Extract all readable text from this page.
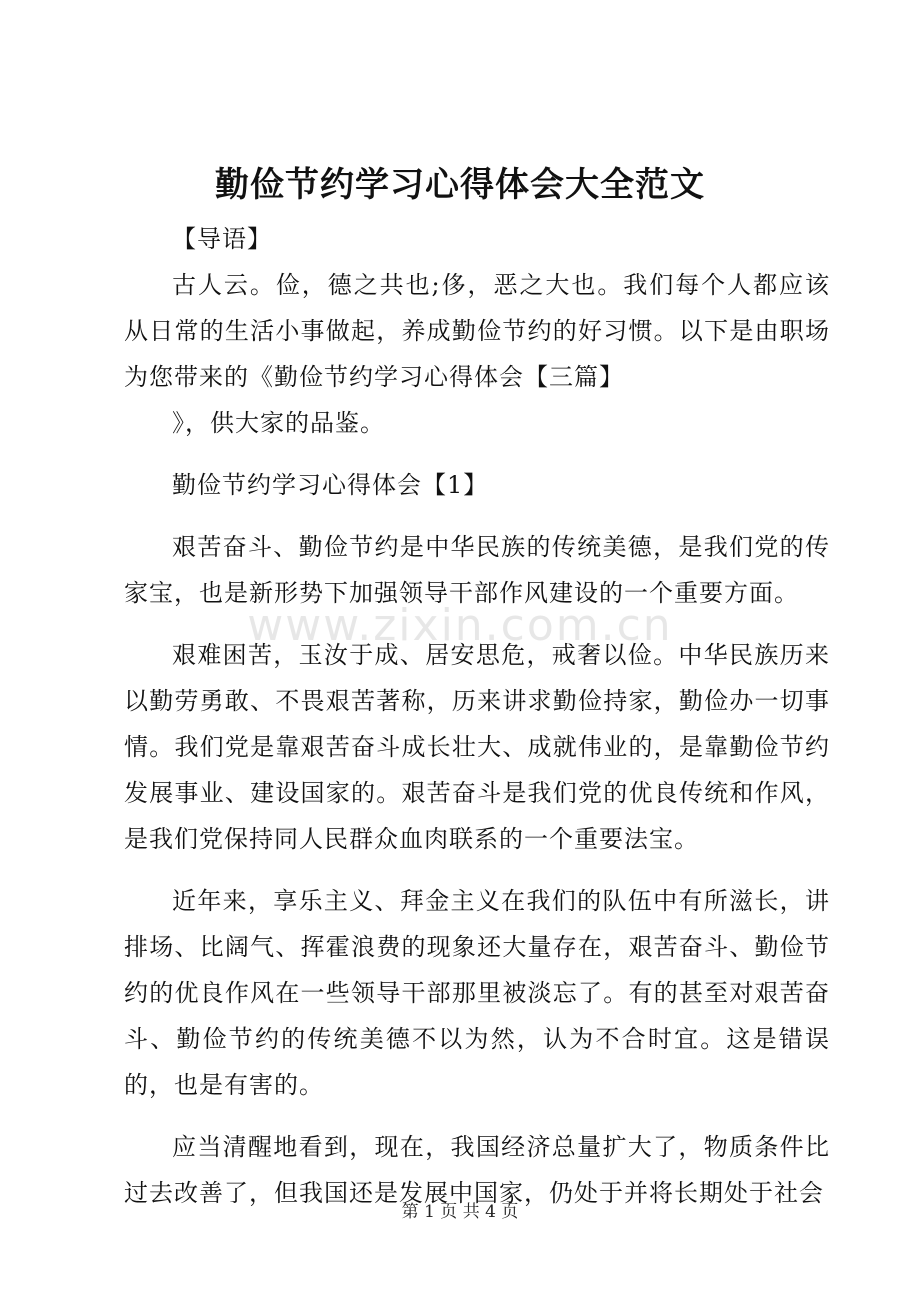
勤俭节约学习心得体会大全范文

【导语】

古人云。俭，德之共也;侈，恶之大也。我们每个人都应该从日常的生活小事做起，养成勤俭节约的好习惯。以下是由职场为您带来的《勤俭节约学习心得体会【三篇】

》，供大家的品鉴。

勤俭节约学习心得体会【1】

艰苦奋斗、勤俭节约是中华民族的传统美德，是我们党的传家宝，也是新形势下加强领导干部作风建设的一个重要方面。

艰难困苦，玉汝于成、居安思危，戒奢以俭。中华民族历来以勤劳勇敢、不畏艰苦著称，历来讲求勤俭持家，勤俭办一切事情。我们党是靠艰苦奋斗成长壮大、成就伟业的，是靠勤俭节约发展事业、建设国家的。艰苦奋斗是我们党的优良传统和作风，是我们党保持同人民群众血肉联系的一个重要法宝。

近年来，享乐主义、拜金主义在我们的队伍中有所滋长，讲排场、比阔气、挥霍浪费的现象还大量存在，艰苦奋斗、勤俭节约的优良作风在一些领导干部那里被淡忘了。有的甚至对艰苦奋斗、勤俭节约的传统美德不以为然，认为不合时宜。这是错误的，也是有害的。

应当清醒地看到，现在，我国经济总量扩大了，物质条件比过去改善了，但我国还是发展中国家，仍处于并将长期处于社会

www.zixin.com.cn
第 1 页 共 4 页
